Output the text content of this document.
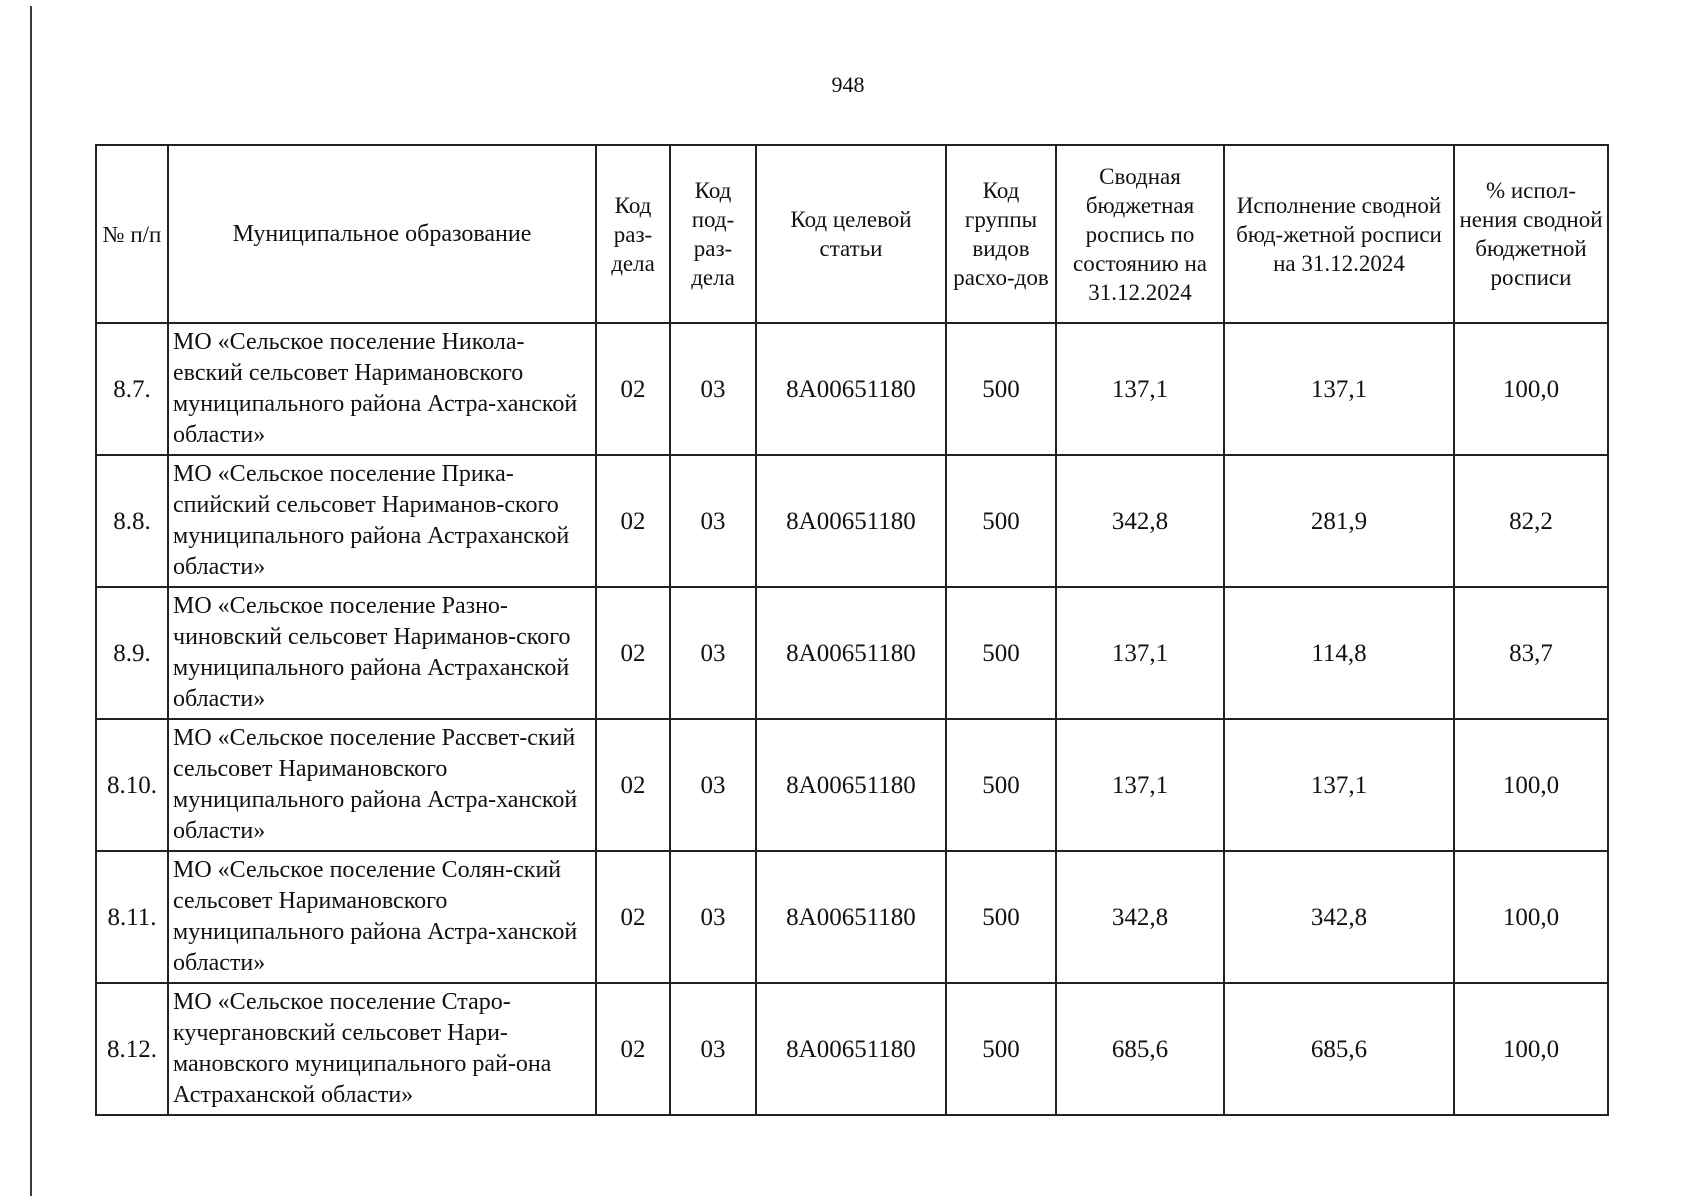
948
№ п/п	Муниципальное образование	Код раз-дела	Код под-раз-дела	Код целевой статьи	Код группы видов расхо-дов	Сводная бюджетная роспись по состоянию на 31.12.2024	Исполнение сводной бюд-жетной росписи на 31.12.2024	% испол-нения сводной бюджетной росписи
8.7.	МО «Сельское поселение Никола-евский сельсовет Наримановского муниципального района Астра-ханской области»	02	03	8А00651180	500	137,1	137,1	100,0
8.8.	МО «Сельское поселение Прика-спийский сельсовет Нариманов-ского муниципального района Астраханской области»	02	03	8А00651180	500	342,8	281,9	82,2
8.9.	МО «Сельское поселение Разно-чиновский сельсовет Нариманов-ского муниципального района Астраханской области»	02	03	8А00651180	500	137,1	114,8	83,7
8.10.	МО «Сельское поселение Рассвет-ский сельсовет Наримановского муниципального района Астра-ханской области»	02	03	8А00651180	500	137,1	137,1	100,0
8.11.	МО «Сельское поселение Солян-ский сельсовет Наримановского муниципального района Астра-ханской области»	02	03	8А00651180	500	342,8	342,8	100,0
8.12.	МО «Сельское поселение Старо-кучергановский сельсовет Нари-мановского муниципального рай-она Астраханской области»	02	03	8А00651180	500	685,6	685,6	100,0
